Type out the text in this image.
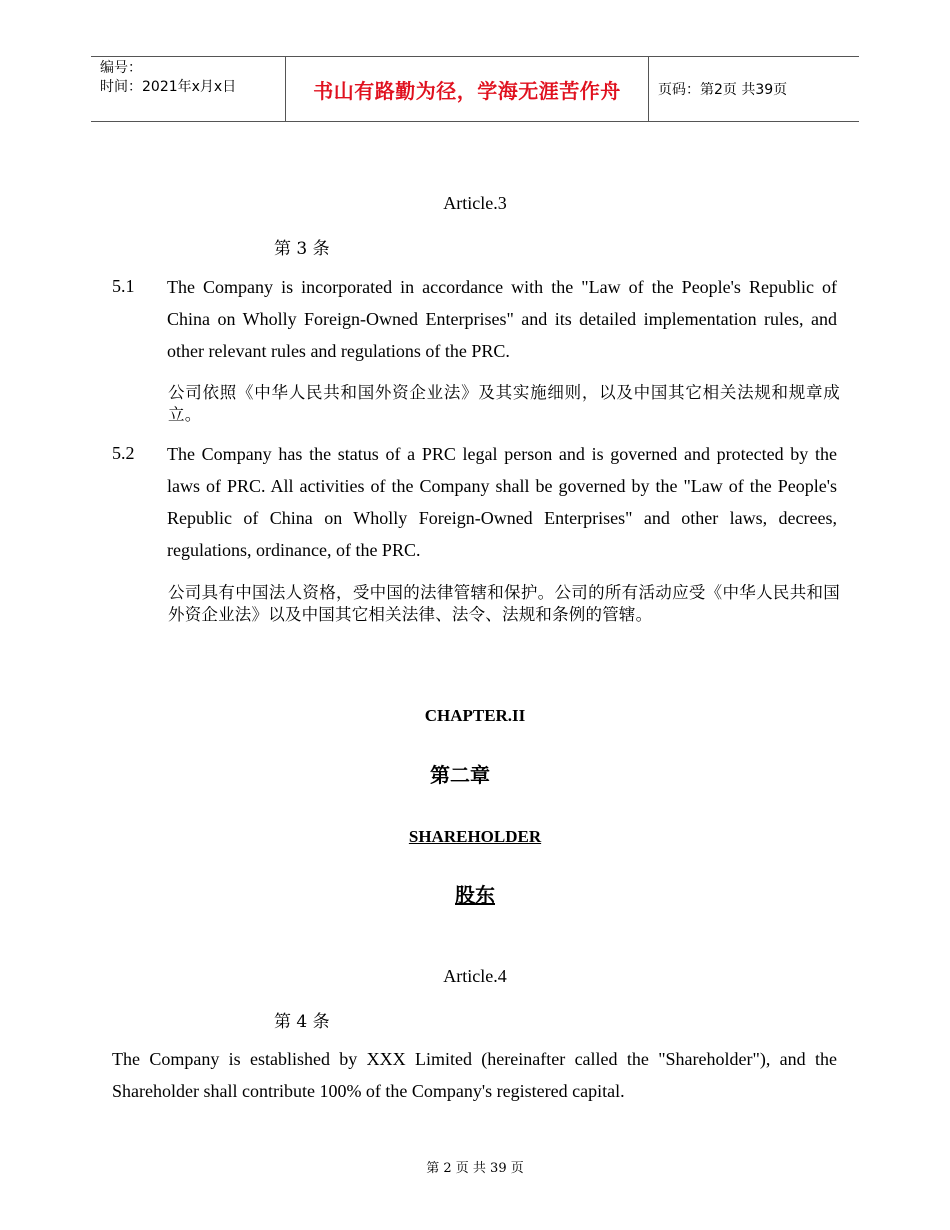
编号：
时间：2021年x月x日	书山有路勤为径，学海无涯苦作舟	页码：第2页 共39页
Article.3
第 3 条
5.1 The Company is incorporated in accordance with the "Law of the People's Republic of China on Wholly Foreign-Owned Enterprises" and its detailed implementation rules, and other relevant rules and regulations of the PRC.
公司依照《中华人民共和国外资企业法》及其实施细则，以及中国其它相关法规和规章成立。
5.2 The Company has the status of a PRC legal person and is governed and protected by the laws of PRC. All activities of the Company shall be governed by the "Law of the People's Republic of China on Wholly Foreign-Owned Enterprises" and other laws, decrees, regulations, ordinance, of the PRC.
公司具有中国法人资格，受中国的法律管辖和保护。公司的所有活动应受《中华人民共和国外资企业法》以及中国其它相关法律、法令、法规和条例的管辖。
CHAPTER.II
第二章
SHAREHOLDER
股东
Article.4
第 4 条
The Company is established by XXX Limited (hereinafter called the "Shareholder"), and the Shareholder shall contribute 100% of the Company's registered capital.
第 2 页 共 39 页
